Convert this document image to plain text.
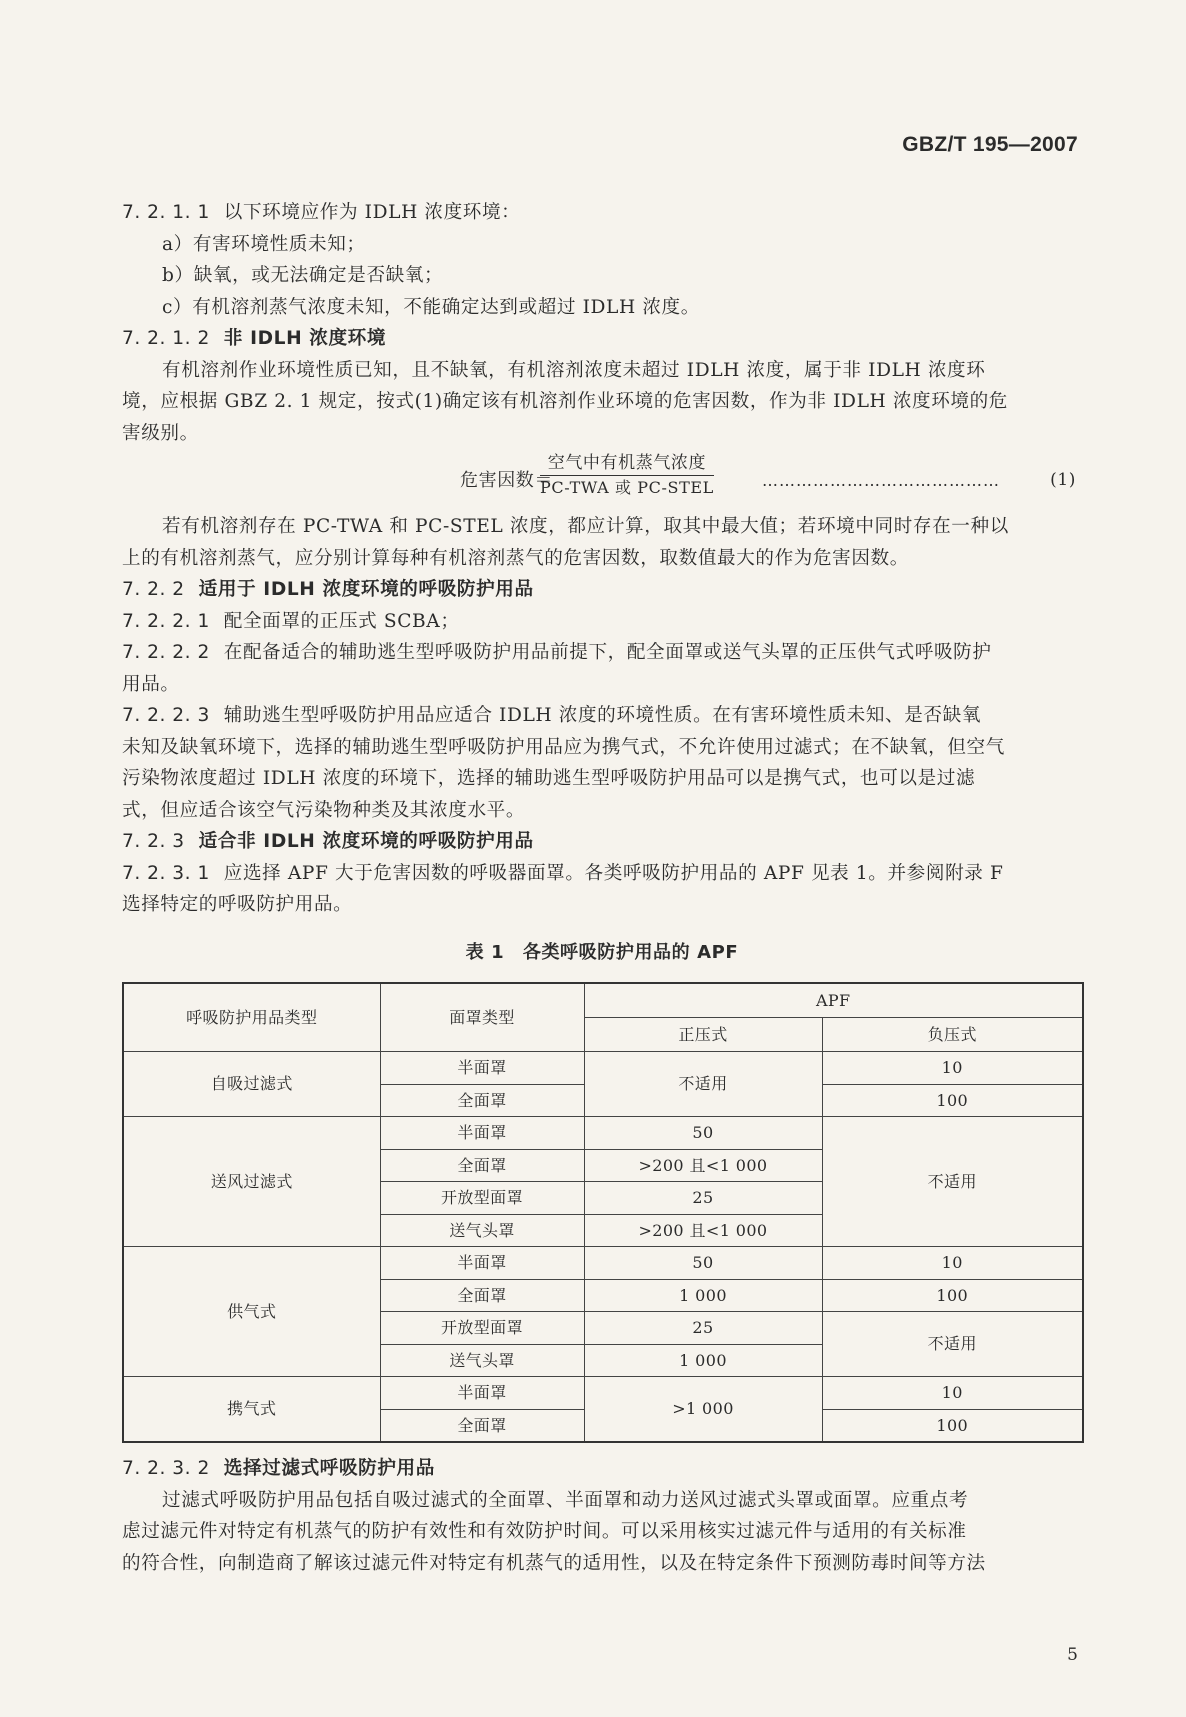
GBZ/T 195—2007
7. 2. 1. 1 以下环境应作为 IDLH 浓度环境：
a）有害环境性质未知；
b）缺氧，或无法确定是否缺氧；
c）有机溶剂蒸气浓度未知，不能确定达到或超过 IDLH 浓度。
7. 2. 1. 2 非 IDLH 浓度环境
有机溶剂作业环境性质已知，且不缺氧，有机溶剂浓度未超过 IDLH 浓度，属于非 IDLH 浓度环
境，应根据 GBZ 2. 1 规定，按式(1)确定该有机溶剂作业环境的危害因数，作为非 IDLH 浓度环境的危
害级别。
危害因数＝
空气中有机蒸气浓度
PC-TWA 或 PC-STEL	……………………………………	(1)
若有机溶剂存在 PC-TWA 和 PC-STEL 浓度，都应计算，取其中最大值；若环境中同时存在一种以
上的有机溶剂蒸气，应分别计算每种有机溶剂蒸气的危害因数，取数值最大的作为危害因数。
7. 2. 2 适用于 IDLH 浓度环境的呼吸防护用品
7. 2. 2. 1 配全面罩的正压式 SCBA；
7. 2. 2. 2 在配备适合的辅助逃生型呼吸防护用品前提下，配全面罩或送气头罩的正压供气式呼吸防护
用品。
7. 2. 2. 3 辅助逃生型呼吸防护用品应适合 IDLH 浓度的环境性质。在有害环境性质未知、是否缺氧
未知及缺氧环境下，选择的辅助逃生型呼吸防护用品应为携气式，不允许使用过滤式；在不缺氧，但空气
污染物浓度超过 IDLH 浓度的环境下，选择的辅助逃生型呼吸防护用品可以是携气式，也可以是过滤
式，但应适合该空气污染物种类及其浓度水平。
7. 2. 3 适合非 IDLH 浓度环境的呼吸防护用品
7. 2. 3. 1 应选择 APF 大于危害因数的呼吸器面罩。各类呼吸防护用品的 APF 见表 1。并参阅附录 F
选择特定的呼吸防护用品。
表 1　各类呼吸防护用品的 APF
呼吸防护用品类型	面罩类型	APF	
		正压式	负压式
自吸过滤式	半面罩	不适用	10
	全面罩		100
送风过滤式	半面罩	50	不适用
	全面罩	>200 且<1 000	
	开放型面罩	25	
	送气头罩	>200 且<1 000	
供气式	半面罩	50	10
	全面罩	1 000	100
	开放型面罩	25	不适用
	送气头罩	1 000	
携气式	半面罩	>1 000	10
	全面罩		100
7. 2. 3. 2 选择过滤式呼吸防护用品
过滤式呼吸防护用品包括自吸过滤式的全面罩、半面罩和动力送风过滤式头罩或面罩。应重点考
虑过滤元件对特定有机蒸气的防护有效性和有效防护时间。可以采用核实过滤元件与适用的有关标准
的符合性，向制造商了解该过滤元件对特定有机蒸气的适用性，以及在特定条件下预测防毒时间等方法
5
